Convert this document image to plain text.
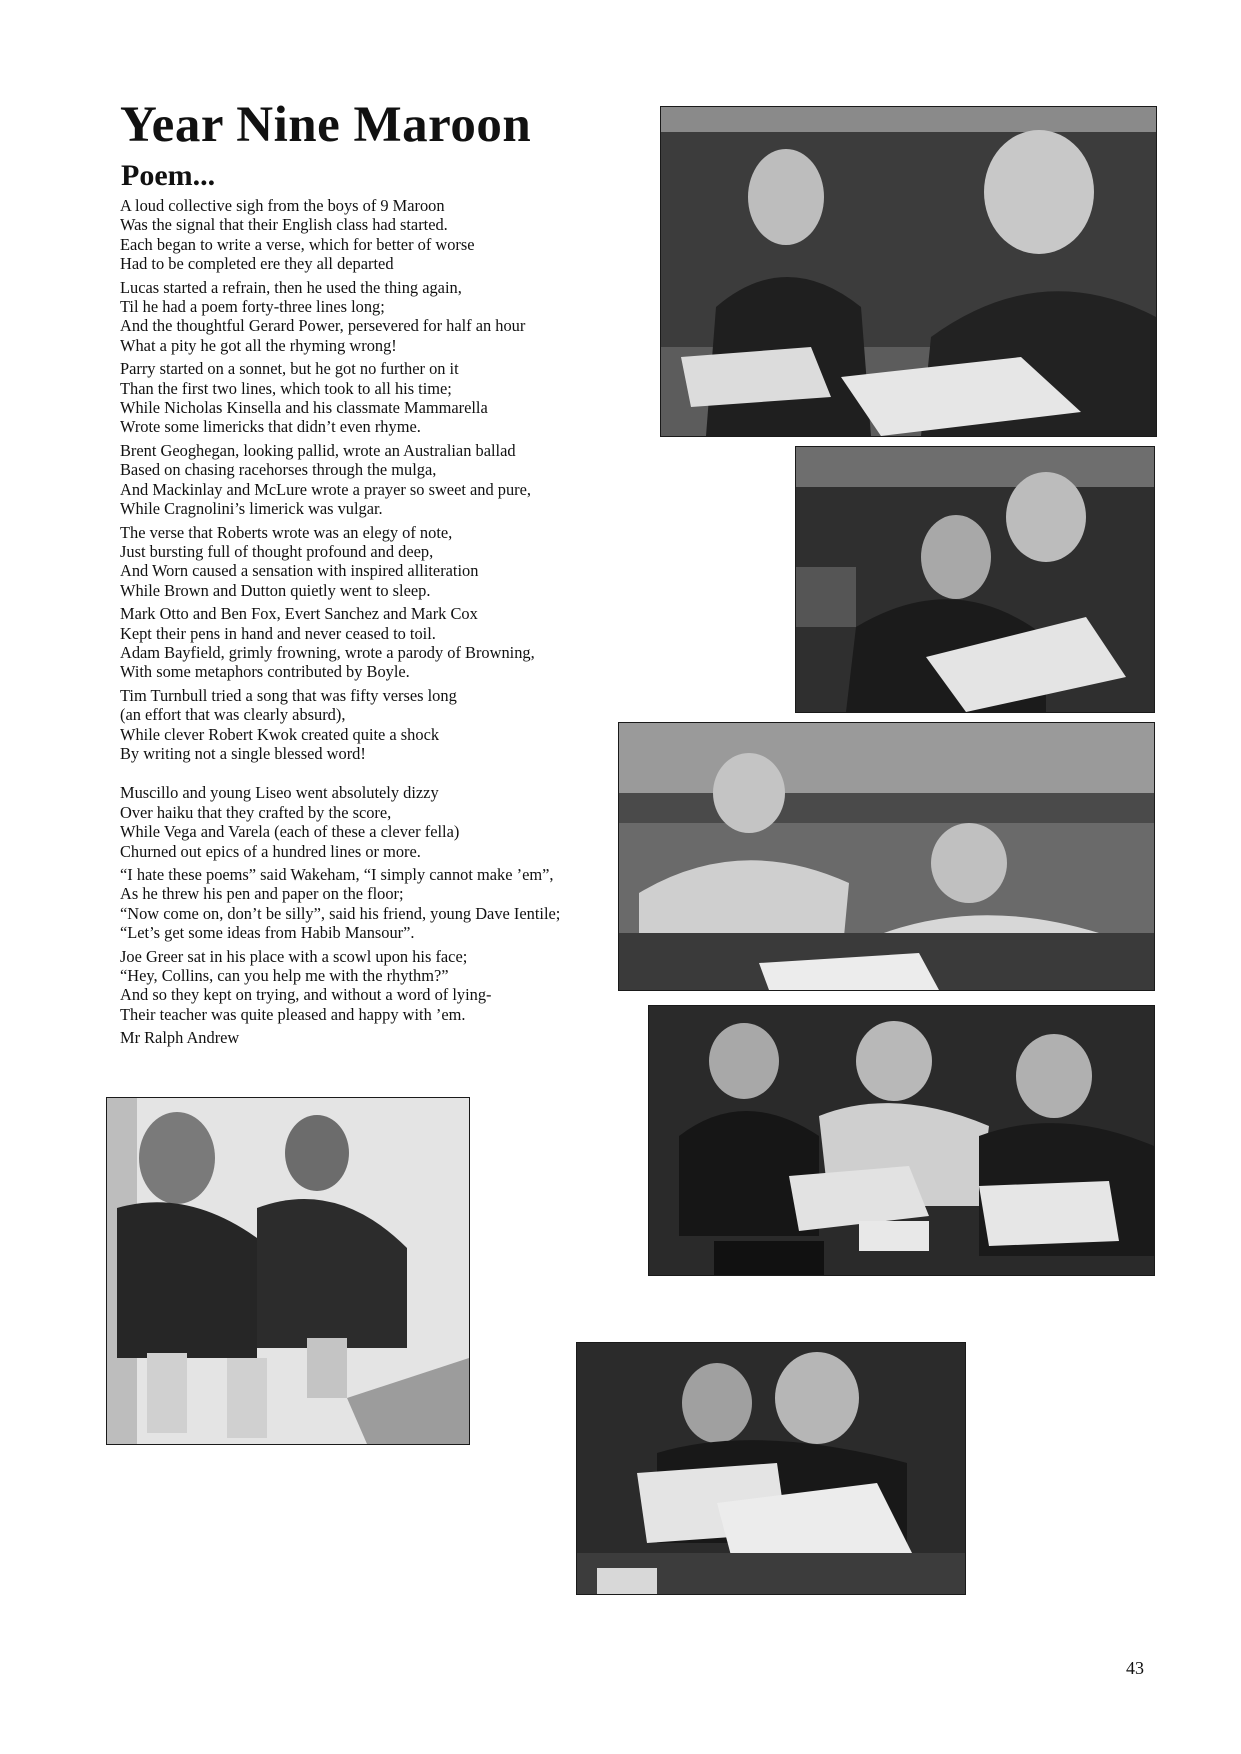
Year Nine Maroon
Poem...

A loud collective sigh from the boys of 9 Maroon
Was the signal that their English class had started.
Each began to write a verse, which for better of worse
Had to be completed ere they all departed

Lucas started a refrain, then he used the thing again,
Til he had a poem forty-three lines long;
And the thoughtful Gerard Power, persevered for half an hour
What a pity he got all the rhyming wrong!

Parry started on a sonnet, but he got no further on it
Than the first two lines, which took to all his time;
While Nicholas Kinsella and his classmate Mammarella
Wrote some limericks that didn’t even rhyme.

Brent Geoghegan, looking pallid, wrote an Australian ballad
Based on chasing racehorses through the mulga,
And Mackinlay and McLure wrote a prayer so sweet and pure,
While Cragnolini’s limerick was vulgar.

The verse that Roberts wrote was an elegy of note,
Just bursting full of thought profound and deep,
And Worn caused a sensation with inspired alliteration
While Brown and Dutton quietly went to sleep.

Mark Otto and Ben Fox, Evert Sanchez and Mark Cox
Kept their pens in hand and never ceased to toil.
Adam Bayfield, grimly frowning, wrote a parody of Browning,
With some metaphors contributed by Boyle.

Tim Turnbull tried a song that was fifty verses long
(an effort that was clearly absurd),
While clever Robert Kwok created quite a shock
By writing not a single blessed word!

Muscillo and young Liseo went absolutely dizzy
Over haiku that they crafted by the score,
While Vega and Varela (each of these a clever fella)
Churned out epics of a hundred lines or more.

“I hate these poems” said Wakeham, “I simply cannot make ’em”,
As he threw his pen and paper on the floor;
“Now come on, don’t be silly”, said his friend, young Dave Ientile;
“Let’s get some ideas from Habib Mansour”.

Joe Greer sat in his place with a scowl upon his face;
“Hey, Collins, can you help me with the rhythm?”
And so they kept on trying, and without a word of lying-
Their teacher was quite pleased and happy with ’em.

Mr Ralph Andrew
43
